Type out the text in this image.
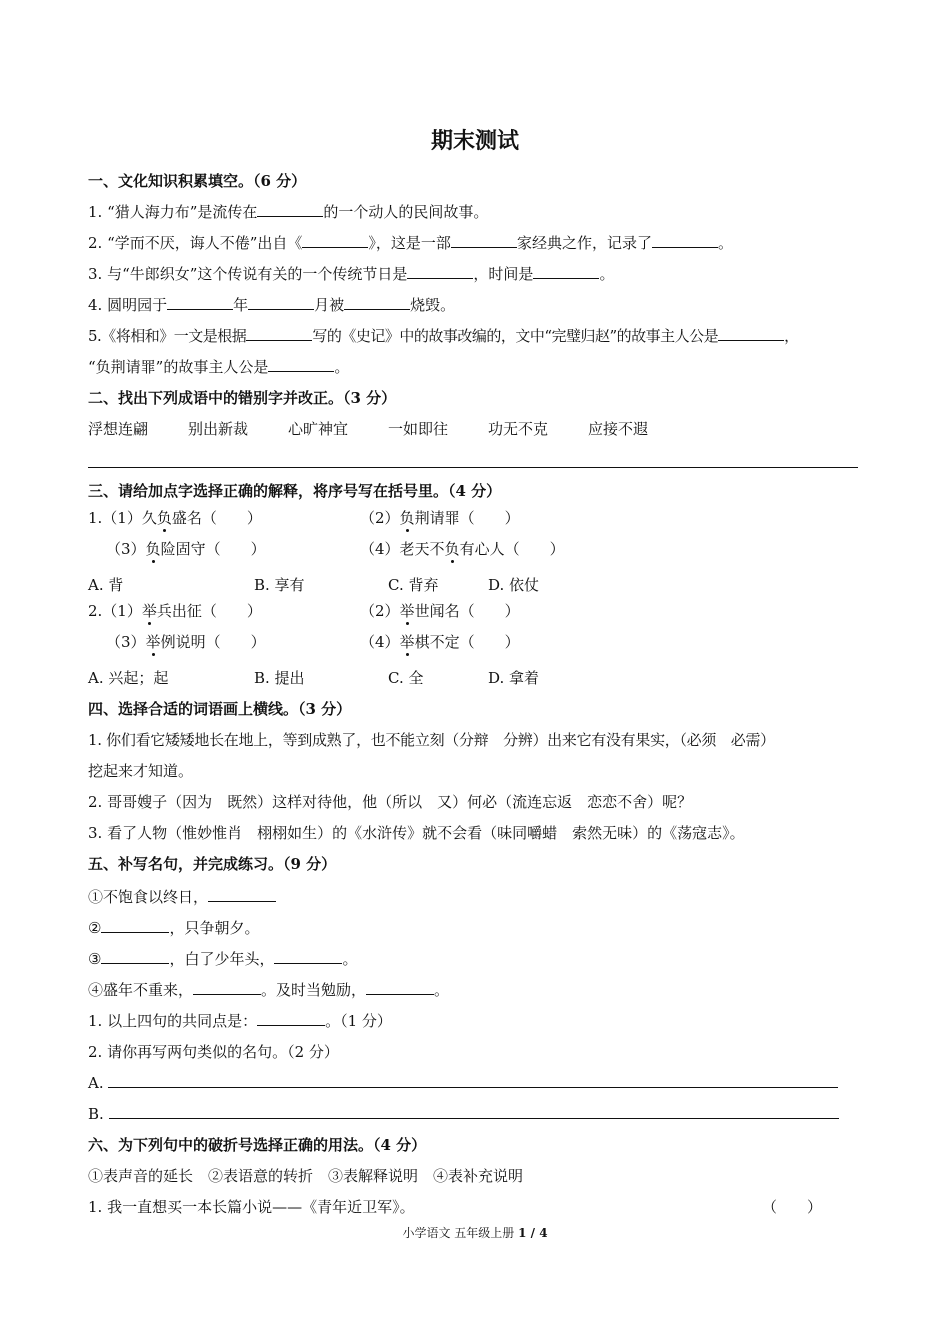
期末测试
一、文化知识积累填空。（6 分）
1. “猎人海力布”是流传在	的一个动人的民间故事。
2. “学而不厌，诲人不倦”出自《	》，这是一部	家经典之作，记录了	。
3. 与“牛郎织女”这个传说有关的一个传统节日是	，时间是	。
4. 圆明园于	年	月被	烧毁。
5.《将相和》一文是根据	写的《史记》中的故事改编的，文中“完璧归赵”的故事主人公是	，
“负荆请罪”的故事主人公是	。
二、找出下列成语中的错别字并改正。（3 分）
浮想连翩	别出新裁	心旷神宜	一如即往	功无不克	应接不遐
三、请给加点字选择正确的解释，将序号写在括号里。（4 分）
1.（1）久负盛名（　　）	（2）负荆请罪（　　）
（3）负险固守（　　）	（4）老天不负有心人（　　）
A. 背	B. 享有	C. 背弃	D. 依仗
2.（1）举兵出征（　　）	（2）举世闻名（　　）
（3）举例说明（　　）	（4）举棋不定（　　）
A. 兴起；起	B. 提出	C. 全	D. 拿着
四、选择合适的词语画上横线。（3 分）
1. 你们看它矮矮地长在地上，等到成熟了，也不能立刻（分辩　分辨）出来它有没有果实，（必须　必需）
挖起来才知道。
2. 哥哥嫂子（因为　既然）这样对待他，他（所以　又）何必（流连忘返　恋恋不舍）呢？
3. 看了人物（惟妙惟肖　栩栩如生）的《水浒传》就不会看（味同嚼蜡　索然无味）的《荡寇志》。
五、补写名句，并完成练习。（9 分）
①不饱食以终日，
②	，只争朝夕。
③	，白了少年头，	。
④盛年不重来，	。及时当勉励，	。
1. 以上四句的共同点是：	。（1 分）
2. 请你再写两句类似的名句。（2 分）
A.
B.
六、为下列句中的破折号选择正确的用法。（4 分）
①表声音的延长　②表语意的转折　③表解释说明　④表补充说明
1. 我一直想买一本长篇小说——《青年近卫军》。	（　　）
小学语文 五年级上册 1 / 4
